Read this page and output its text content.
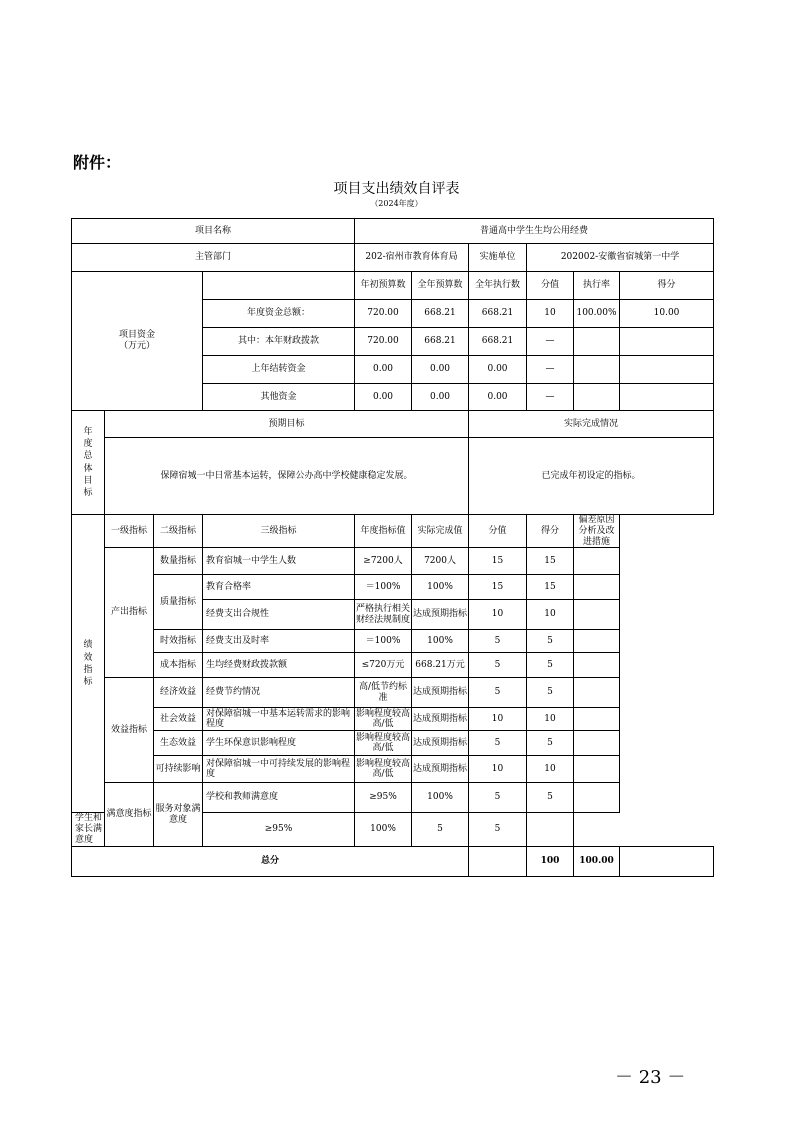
附件：
项目支出绩效自评表
（2024年度）
项目名称				普通高中学生生均公用经费					
主管部门				202-宿州市教育体育局		实施单位	202002-安徽省宿城第一中学		
项目资金
（万元）				年初预算数	全年预算数	全年执行数	分值	执行率	得分
			年度资金总额：	720.00	668.21	668.21	10	100.00%	10.00
			其中：本年财政拨款	720.00	668.21	668.21	—		
			上年结转资金	0.00	0.00	0.00	—		
			其他资金	0.00	0.00	0.00	—		
年度总体目标	预期目标					实际完成情况			
	保障宿城一中日常基本运转，保障公办高中学校健康稳定发展。					已完成年初设定的指标。			
绩效指标	一级指标	二级指标	三级指标	年度指标值	实际完成值	分值	得分	偏差原因分析及改进措施	
	产出指标	数量指标	教育宿城一中学生人数	≥7200人	7200人	15	15		
		质量指标	教育合格率	＝100%	100%	15	15		
			经费支出合规性	严格执行相关财经法规制度	达成预期指标	10	10		
		时效指标	经费支出及时率	＝100%	100%	5	5		
		成本指标	生均经费财政拨款额	≤720万元	668.21万元	5	5		

	效益指标	经济效益	经费节约情况	高/低节约标准	达成预期指标	5	5		
		社会效益	对保障宿城一中基本运转需求的影响程度	影响程度较高高/低	达成预期指标	10	10		
		生态效益	学生环保意识影响程度	影响程度较高高/低	达成预期指标	5	5		
		可持续影响	对保障宿城一中可持续发展的影响程度	影响程度较高高/低	达成预期指标	10	10		
	满意度指标	服务对象满意度	学校和教师满意度	≥95%	100%	5	5		
学生和家长满意度			≥95%	100%	5	5			
总分							100	100.00	
－ 23 －
